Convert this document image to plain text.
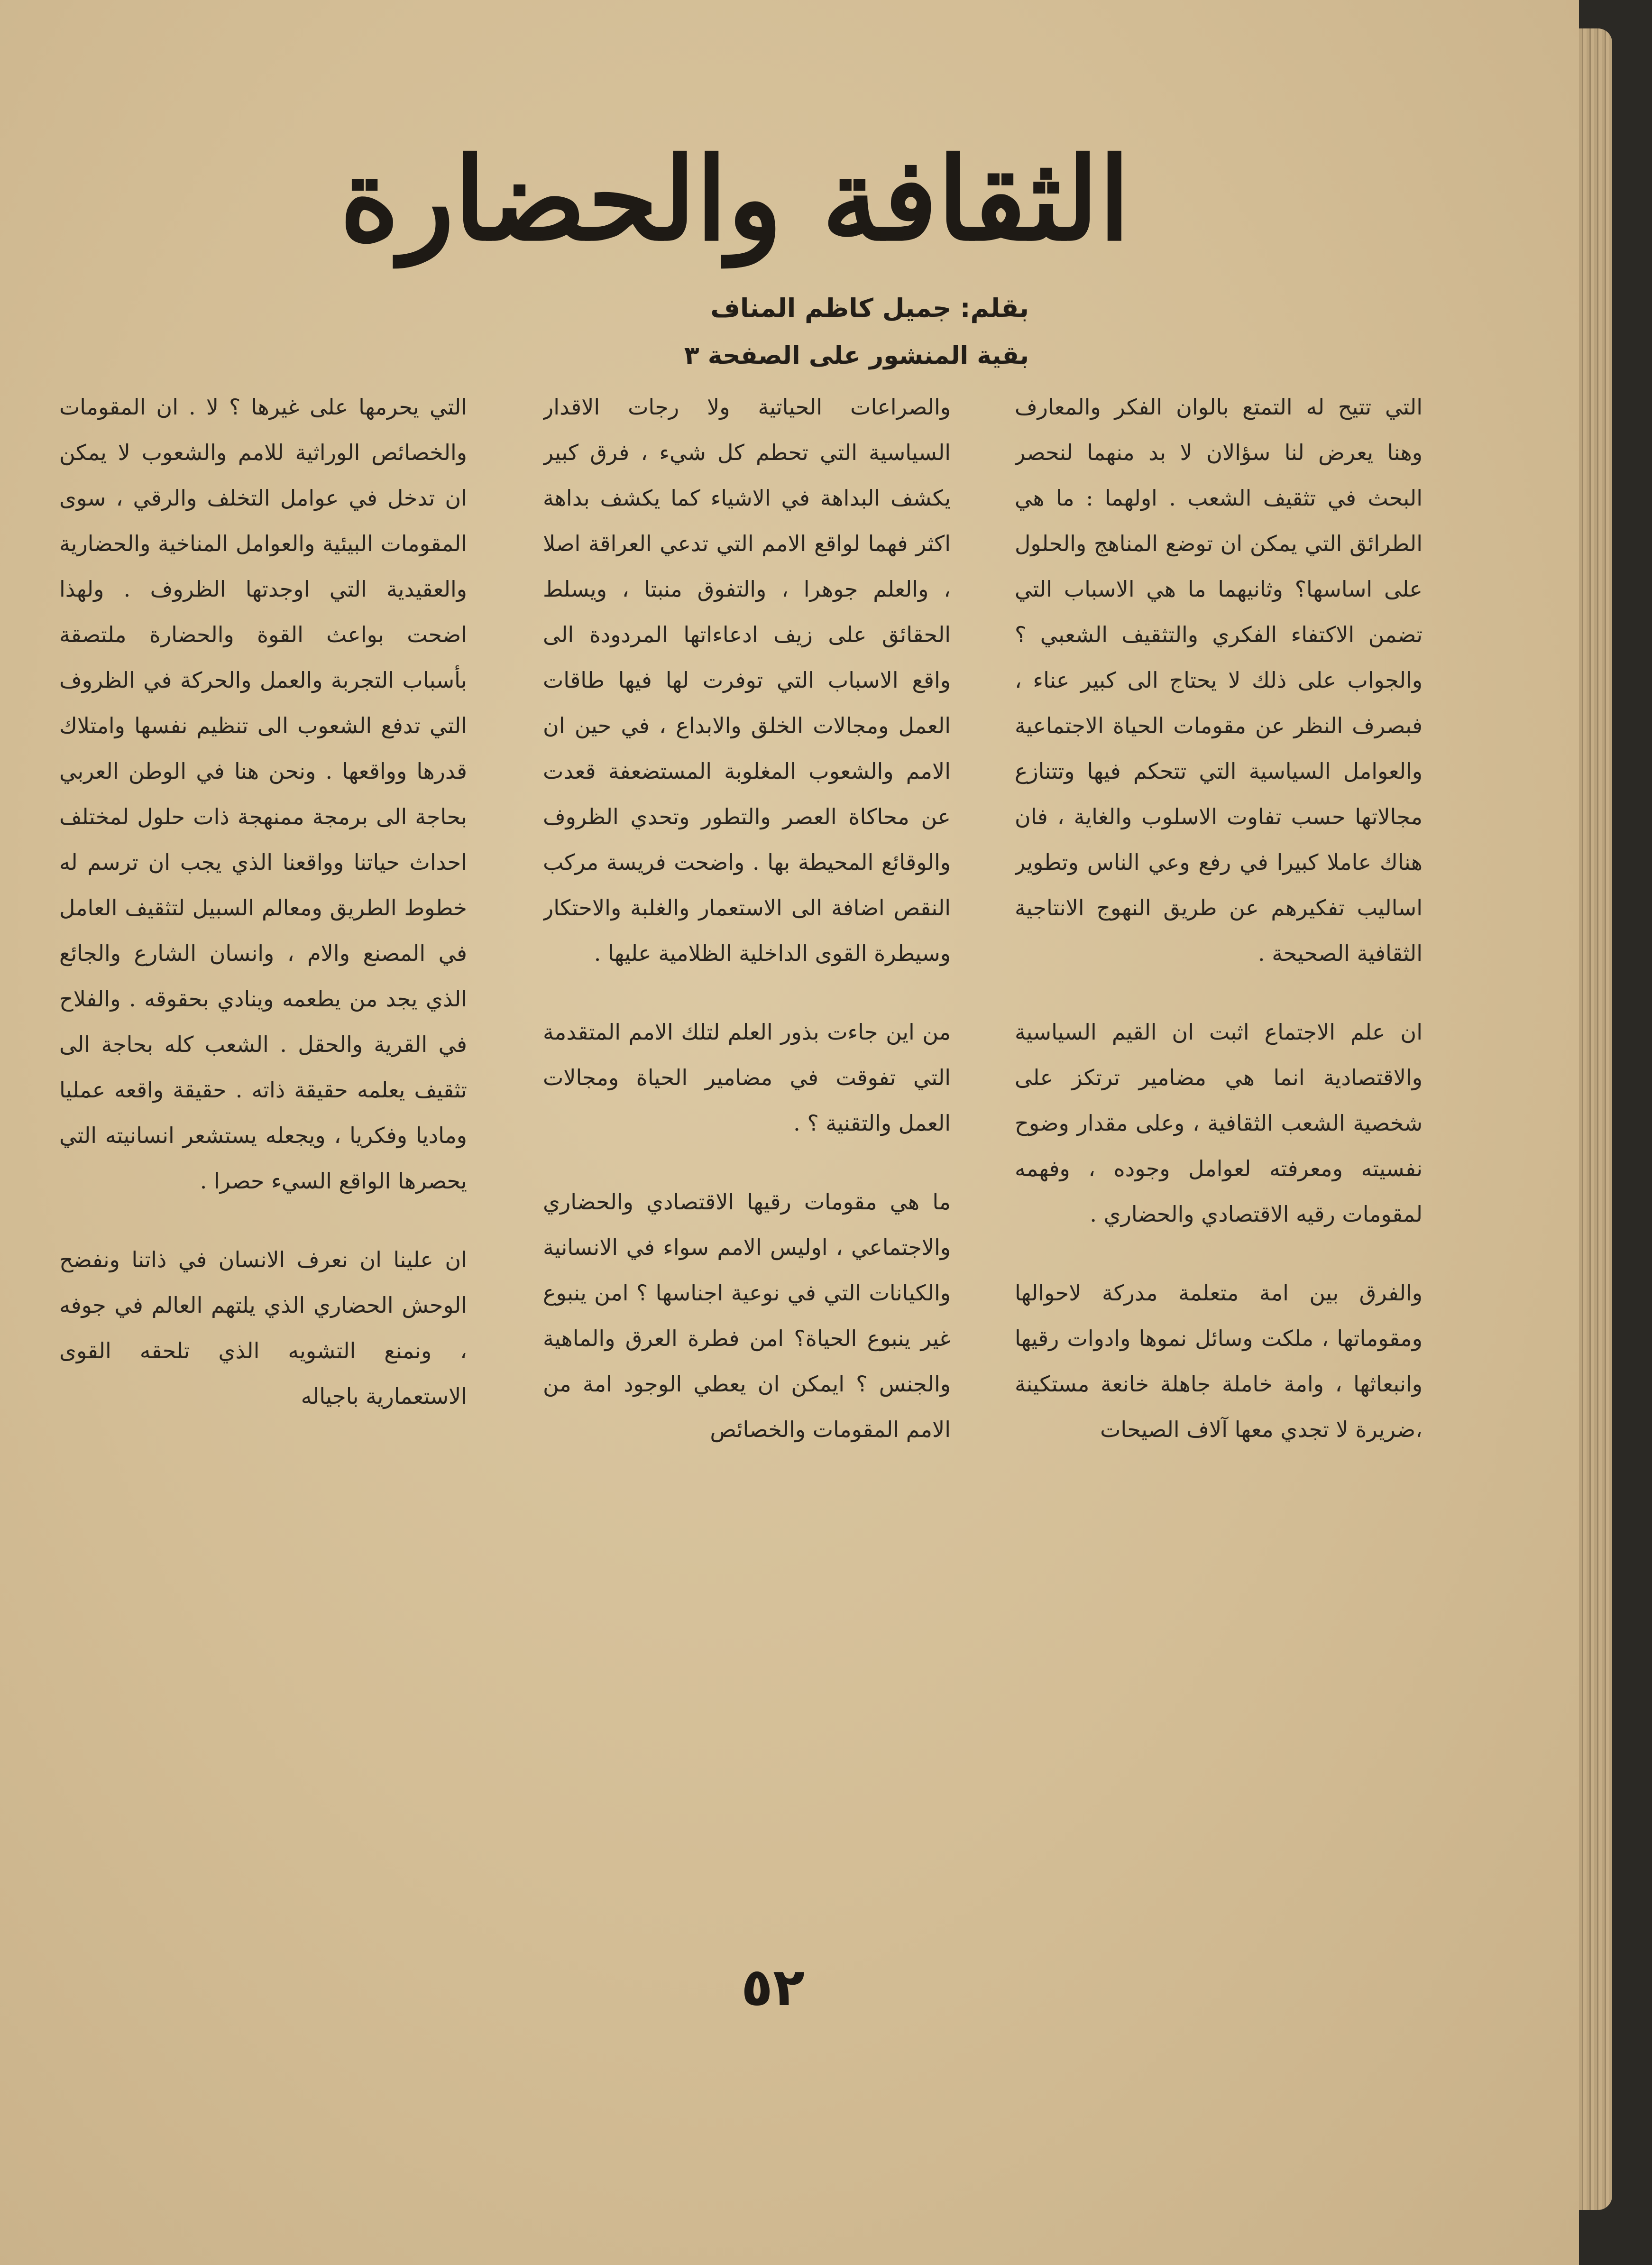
الثقافة والحضارة
بقلم: جميل كاظم المناف
بقية المنشور على الصفحة ٣

التي تتيح له التمتع بالوان الفكر والمعارف وهنا يعرض لنا سؤالان لا بد منهما لنحصر البحث في تثقيف الشعب . اولهما : ما هي الطرائق التي يمكن ان توضع المناهج والحلول على اساسها؟ وثانيهما ما هي الاسباب التي تضمن الاكتفاء الفكري والتثقيف الشعبي ؟ والجواب على ذلك لا يحتاج الى كبير عناء ، فبصرف النظر عن مقومات الحياة الاجتماعية والعوامل السياسية التي تتحكم فيها وتتنازع مجالاتها حسب تفاوت الاسلوب والغاية ، فان هناك عاملا كبيرا في رفع وعي الناس وتطوير اساليب تفكيرهم عن طريق النهوج الانتاجية الثقافية الصحيحة .

ان علم الاجتماع اثبت ان القيم السياسية والاقتصادية انما هي مضامير ترتكز على شخصية الشعب الثقافية ، وعلى مقدار وضوح نفسيته ومعرفته لعوامل وجوده ، وفهمه لمقومات رقيه الاقتصادي والحضاري .

والفرق بين امة متعلمة مدركة لاحوالها ومقوماتها ، ملكت وسائل نموها وادوات رقيها وانبعاثها ، وامة خاملة جاهلة خانعة مستكينة ،ضريرة لا تجدي معها آلاف الصيحات

والصراعات الحياتية ولا رجات الاقدار السياسية التي تحطم كل شيء ، فرق كبير يكشف البداهة في الاشياء كما يكشف بداهة اكثر فهما لواقع الامم التي تدعي العراقة اصلا ، والعلم جوهرا ، والتفوق منبتا ، ويسلط الحقائق على زيف ادعاءاتها المردودة الى واقع الاسباب التي توفرت لها فيها طاقات العمل ومجالات الخلق والابداع ، في حين ان الامم والشعوب المغلوبة المستضعفة قعدت عن محاكاة العصر والتطور وتحدي الظروف والوقائع المحيطة بها . واضحت فريسة مركب النقص اضافة الى الاستعمار والغلبة والاحتكار وسيطرة القوى الداخلية الظلامية عليها .

من اين جاءت بذور العلم لتلك الامم المتقدمة التي تفوقت في مضامير الحياة ومجالات العمل والتقنية ؟ .

ما هي مقومات رقيها الاقتصادي والحضاري والاجتماعي ، اوليس الامم سواء في الانسانية والكيانات التي في نوعية اجناسها ؟ امن ينبوع غير ينبوع الحياة؟ امن فطرة العرق والماهية والجنس ؟ ايمكن ان يعطي الوجود امة من الامم المقومات والخصائص

التي يحرمها على غيرها ؟ لا . ان المقومات والخصائص الوراثية للامم والشعوب لا يمكن ان تدخل في عوامل التخلف والرقي ، سوى المقومات البيئية والعوامل المناخية والحضارية والعقيدية التي اوجدتها الظروف . ولهذا اضحت بواعث القوة والحضارة ملتصقة بأسباب التجربة والعمل والحركة في الظروف التي تدفع الشعوب الى تنظيم نفسها وامتلاك قدرها وواقعها . ونحن هنا في الوطن العربي بحاجة الى برمجة ممنهجة ذات حلول لمختلف احداث حياتنا وواقعنا الذي يجب ان ترسم له خطوط الطريق ومعالم السبيل لتثقيف العامل في المصنع والام ، وانسان الشارع والجائع الذي يجد من يطعمه وينادي بحقوقه . والفلاح في القرية والحقل . الشعب كله بحاجة الى تثقيف يعلمه حقيقة ذاته . حقيقة واقعه عمليا وماديا وفكريا ، ويجعله يستشعر انسانيته التي يحصرها الواقع السيء حصرا .

ان علينا ان نعرف الانسان في ذاتنا ونفضح الوحش الحضاري الذي يلتهم العالم في جوفه ، ونمنع التشويه الذي تلحقه القوى الاستعمارية باجياله

٥٢
